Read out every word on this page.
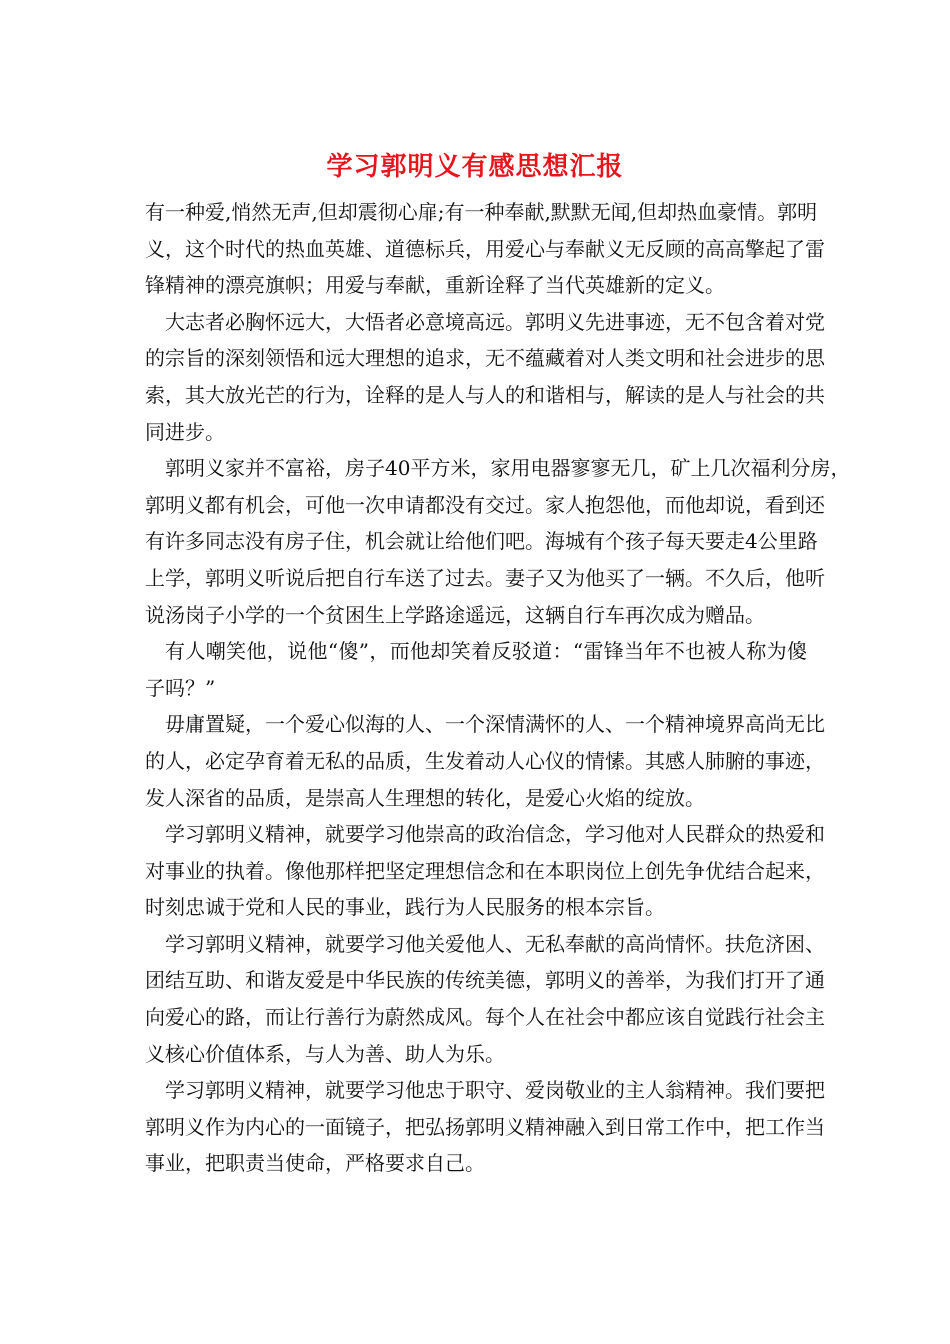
学习郭明义有感思想汇报
有一种爱,悄然无声,但却震彻心扉;有一种奉献,默默无闻,但却热血豪情。郭明
义，这个时代的热血英雄、道德标兵，用爱心与奉献义无反顾的高高擎起了雷
锋精神的漂亮旗帜；用爱与奉献，重新诠释了当代英雄新的定义。
大志者必胸怀远大，大悟者必意境高远。郭明义先进事迹，无不包含着对党
的宗旨的深刻领悟和远大理想的追求，无不蕴藏着对人类文明和社会进步的思
索，其大放光芒的行为，诠释的是人与人的和谐相与，解读的是人与社会的共
同进步。
郭明义家并不富裕，房子40平方米，家用电器寥寥无几，矿上几次福利分房，
郭明义都有机会，可他一次申请都没有交过。家人抱怨他，而他却说，看到还
有许多同志没有房子住，机会就让给他们吧。海城有个孩子每天要走4公里路
上学，郭明义听说后把自行车送了过去。妻子又为他买了一辆。不久后，他听
说汤岗子小学的一个贫困生上学路途遥远，这辆自行车再次成为赠品。
有人嘲笑他，说他“傻”，而他却笑着反驳道：“雷锋当年不也被人称为傻
子吗？”
毋庸置疑，一个爱心似海的人、一个深情满怀的人、一个精神境界高尚无比
的人，必定孕育着无私的品质，生发着动人心仪的情愫。其感人肺腑的事迹，
发人深省的品质，是崇高人生理想的转化，是爱心火焰的绽放。
学习郭明义精神，就要学习他崇高的政治信念，学习他对人民群众的热爱和
对事业的执着。像他那样把坚定理想信念和在本职岗位上创先争优结合起来，
时刻忠诚于党和人民的事业，践行为人民服务的根本宗旨。
学习郭明义精神，就要学习他关爱他人、无私奉献的高尚情怀。扶危济困、
团结互助、和谐友爱是中华民族的传统美德，郭明义的善举，为我们打开了通
向爱心的路，而让行善行为蔚然成风。每个人在社会中都应该自觉践行社会主
义核心价值体系，与人为善、助人为乐。
学习郭明义精神，就要学习他忠于职守、爱岗敬业的主人翁精神。我们要把
郭明义作为内心的一面镜子，把弘扬郭明义精神融入到日常工作中，把工作当
事业，把职责当使命，严格要求自己。
